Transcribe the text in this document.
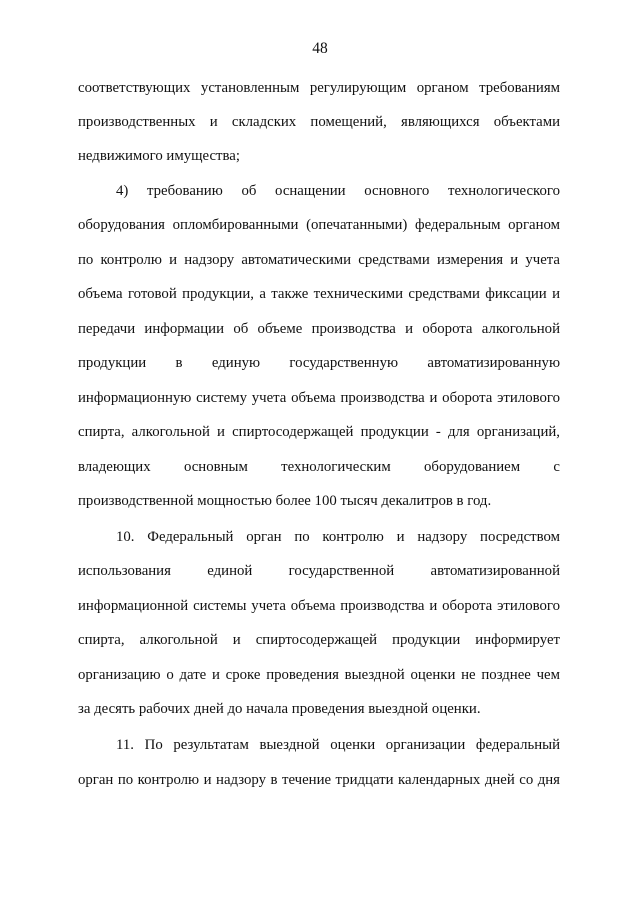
48
соответствующих установленным регулирующим органом требованиям
производственных и складских помещений, являющихся объектами
недвижимого имущества;
4) требованию об оснащении основного технологического
оборудования опломбированными (опечатанными) федеральным органом
по контролю и надзору автоматическими средствами измерения и учета
объема готовой продукции, а также техническими средствами фиксации и
передачи информации об объеме производства и оборота алкогольной
продукции в единую государственную автоматизированную
информационную систему учета объема производства и оборота этилового
спирта, алкогольной и спиртосодержащей продукции - для организаций,
владеющих основным технологическим оборудованием с
производственной мощностью более 100 тысяч декалитров в год.
10. Федеральный орган по контролю и надзору посредством
использования единой государственной автоматизированной
информационной системы учета объема производства и оборота этилового
спирта, алкогольной и спиртосодержащей продукции информирует
организацию о дате и сроке проведения выездной оценки не позднее чем
за десять рабочих дней до начала проведения выездной оценки.
11. По результатам выездной оценки организации федеральный
орган по контролю и надзору в течение тридцати календарных дней со дня
